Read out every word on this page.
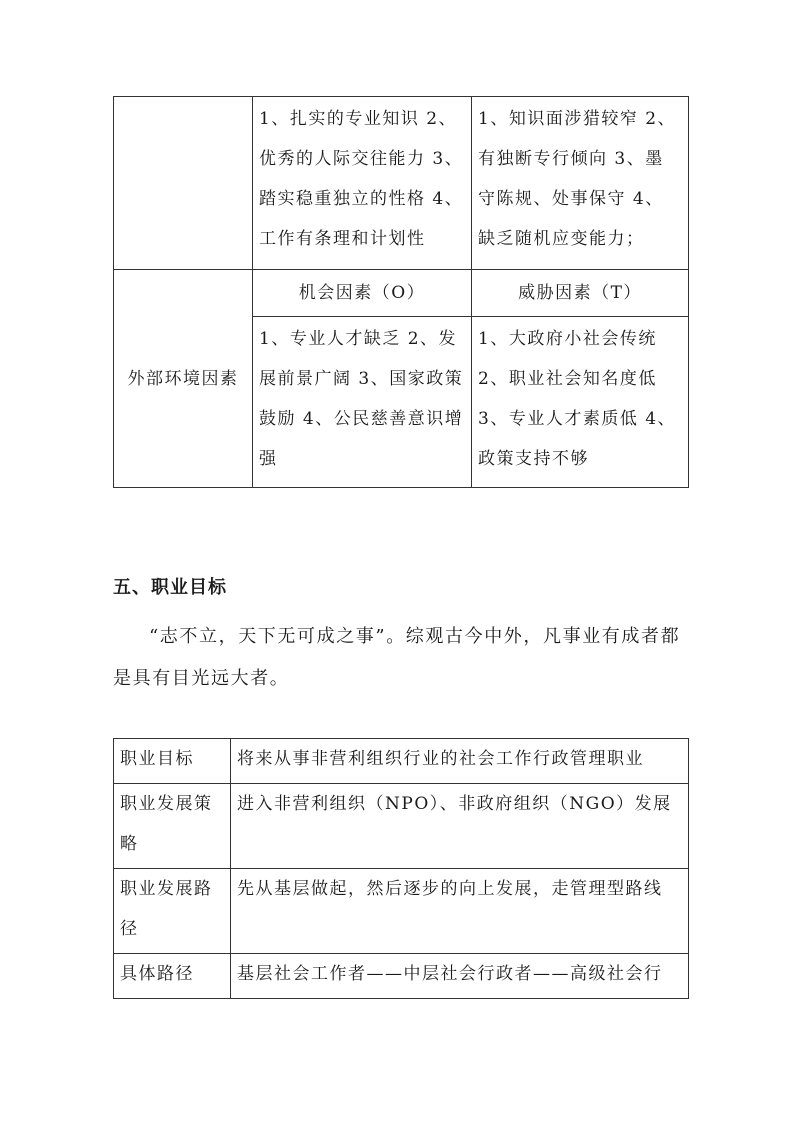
	1、扎实的专业知识 2、优秀的人际交往能力 3、踏实稳重独立的性格 4、工作有条理和计划性	1、知识面涉猎较窄 2、有独断专行倾向 3、墨守陈规、处事保守 4、缺乏随机应变能力；

外部环境因素	机会因素（O）	威胁因素（T）

	1、专业人才缺乏 2、发展前景广阔 3、国家政策鼓励 4、公民慈善意识增强	1、大政府小社会传统 2、职业社会知名度低 3、专业人才素质低 4、政策支持不够
五、职业目标
“志不立，天下无可成之事”。综观古今中外，凡事业有成者都是具有目光远大者。
职业目标	将来从事非营利组织行业的社会工作行政管理职业
职业发展策略	进入非营利组织（NPO）、非政府组织（NGO）发展
职业发展路径	先从基层做起，然后逐步的向上发展，走管理型路线
具体路径	基层社会工作者——中层社会行政者——高级社会行
